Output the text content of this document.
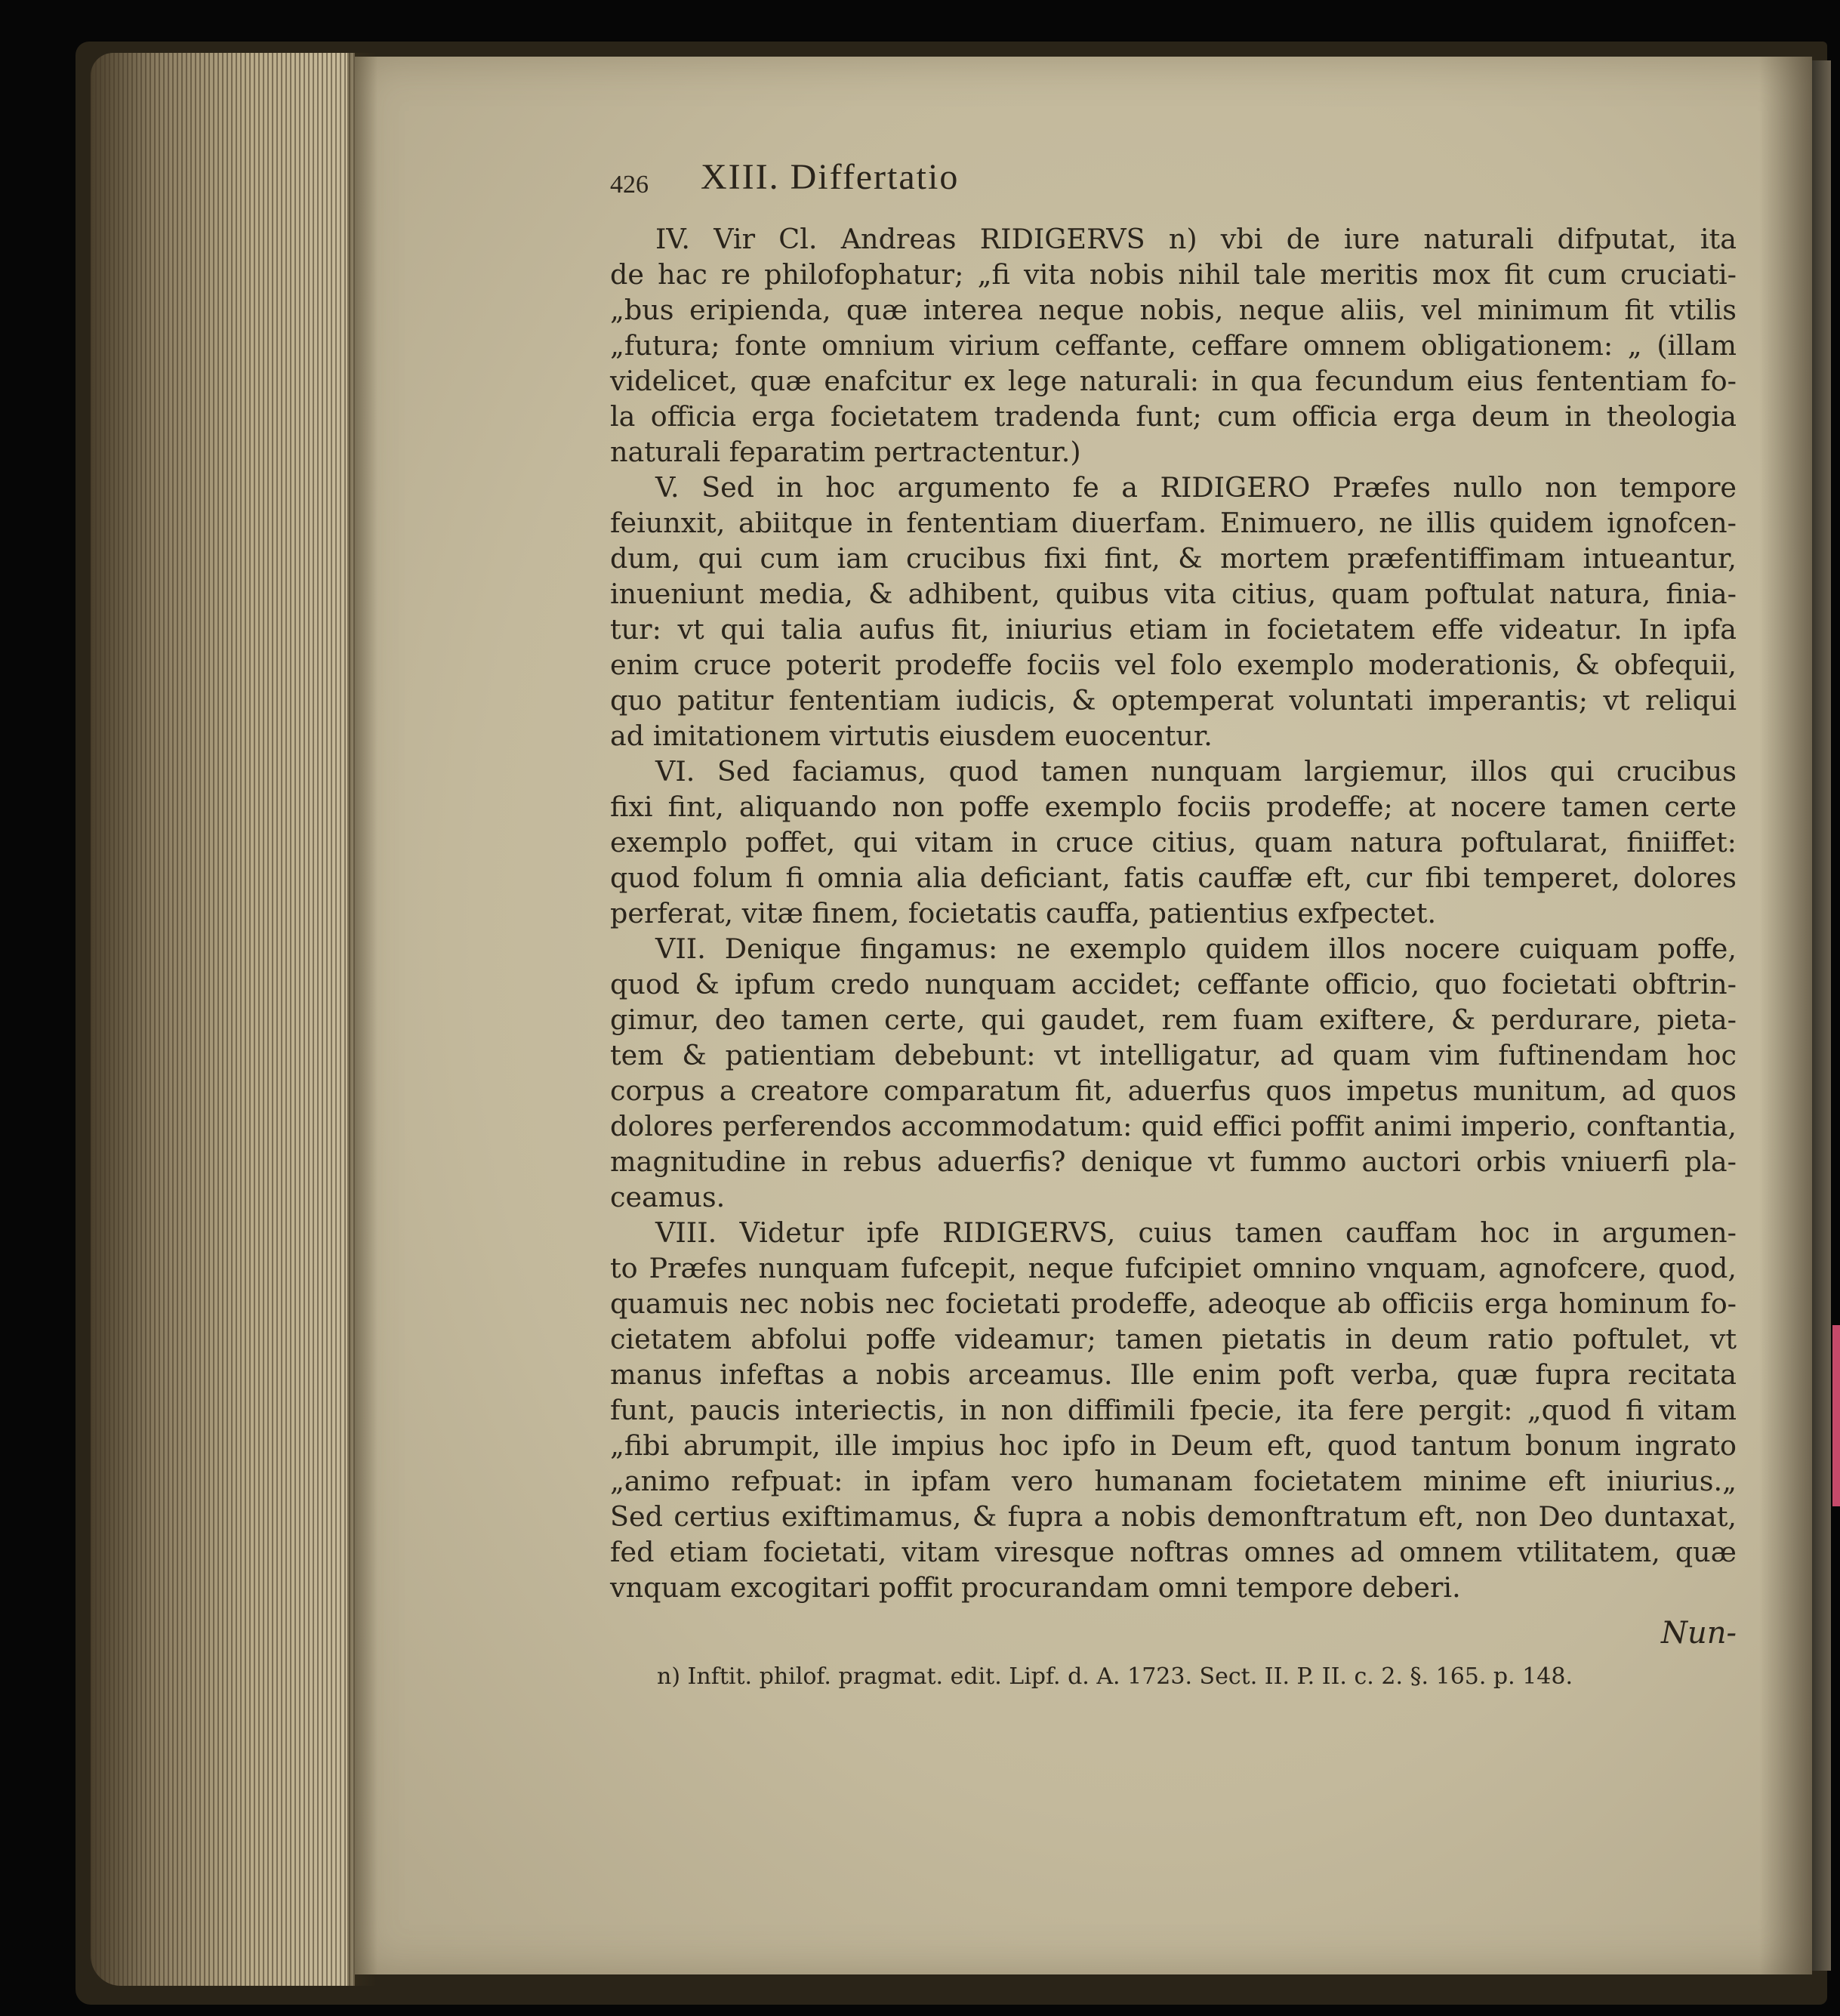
426 XIII. Differtatio
IV. Vir Cl. Andreas RIDIGERVS n) vbi de iure naturali difputat, ita
de hac re philofophatur; „fi vita nobis nihil tale meritis mox fit cum cruciati-
„bus eripienda, quæ interea neque nobis, neque aliis, vel minimum fit vtilis
„futura; fonte omnium virium ceffante, ceffare omnem obligationem: „ (illam
videlicet, quæ enafcitur ex lege naturali: in qua fecundum eius fententiam fo-
la officia erga focietatem tradenda funt; cum officia erga deum in theologia
naturali feparatim pertractentur.)
V. Sed in hoc argumento fe a RIDIGERO Præfes nullo non tempore
feiunxit, abiitque in fententiam diuerfam. Enimuero, ne illis quidem ignofcen-
dum, qui cum iam crucibus fixi fint, & mortem præfentiffimam intueantur,
inueniunt media, & adhibent, quibus vita citius, quam poftulat natura, finia-
tur: vt qui talia aufus fit, iniurius etiam in focietatem effe videatur. In ipfa
enim cruce poterit prodeffe fociis vel folo exemplo moderationis, & obfequii,
quo patitur fententiam iudicis, & optemperat voluntati imperantis; vt reliqui
ad imitationem virtutis eiusdem euocentur.
VI. Sed faciamus, quod tamen nunquam largiemur, illos qui crucibus
fixi fint, aliquando non poffe exemplo fociis prodeffe; at nocere tamen certe
exemplo poffet, qui vitam in cruce citius, quam natura poftularat, finiiffet:
quod folum fi omnia alia deficiant, fatis cauffæ eft, cur fibi temperet, dolores
perferat, vitæ finem, focietatis cauffa, patientius exfpectet.
VII. Denique fingamus: ne exemplo quidem illos nocere cuiquam poffe,
quod & ipfum credo nunquam accidet; ceffante officio, quo focietati obftrin-
gimur, deo tamen certe, qui gaudet, rem fuam exiftere, & perdurare, pieta-
tem & patientiam debebunt: vt intelligatur, ad quam vim fuftinendam hoc
corpus a creatore comparatum fit, aduerfus quos impetus munitum, ad quos
dolores perferendos accommodatum: quid effici poffit animi imperio, conftantia,
magnitudine in rebus aduerfis? denique vt fummo auctori orbis vniuerfi pla-
ceamus.
VIII. Videtur ipfe RIDIGERVS, cuius tamen cauffam hoc in argumen-
to Præfes nunquam fufcepit, neque fufcipiet omnino vnquam, agnofcere, quod,
quamuis nec nobis nec focietati prodeffe, adeoque ab officiis erga hominum fo-
cietatem abfolui poffe videamur; tamen pietatis in deum ratio poftulet, vt
manus infeftas a nobis arceamus. Ille enim poft verba, quæ fupra recitata
funt, paucis interiectis, in non diffimili fpecie, ita fere pergit: „quod fi vitam
„fibi abrumpit, ille impius hoc ipfo in Deum eft, quod tantum bonum ingrato
„animo refpuat: in ipfam vero humanam focietatem minime eft iniurius.„
Sed certius exiftimamus, & fupra a nobis demonftratum eft, non Deo duntaxat,
fed etiam focietati, vitam viresque noftras omnes ad omnem vtilitatem, quæ
vnquam excogitari poffit procurandam omni tempore deberi.
Nun-
n) Inftit. philof. pragmat. edit. Lipf. d. A. 1723. Sect. II. P. II. c. 2. §. 165. p. 148.
